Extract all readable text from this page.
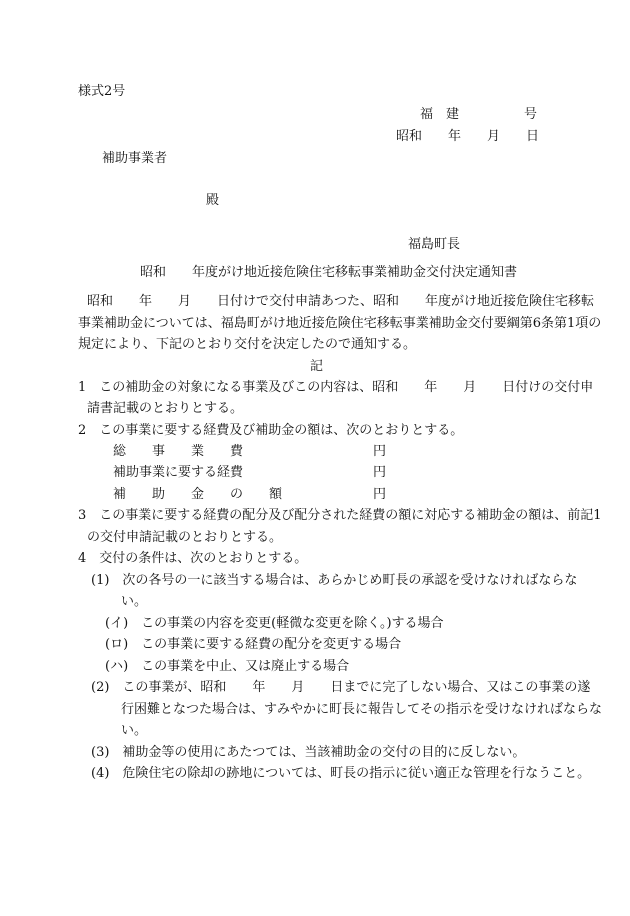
様式2号

福　建　　　　　号

昭和　　年　　月　　日

補助事業者

殿

福島町長

昭和　　年度がけ地近接危険住宅移転事業補助金交付決定通知書

昭和　　年　　月　　日付けで交付申請あつた、昭和　　年度がけ地近接危険住宅移転

事業補助金については、福島町がけ地近接危険住宅移転事業補助金交付要綱第6条第1項の

規定により、下記のとおり交付を決定したので通知する。

記

1　この補助金の対象になる事業及びこの内容は、昭和　　年　　月　　日付けの交付申

請書記載のとおりとする。

2　この事業に要する経費及び補助金の額は、次のとおりとする。

総　　事　　業　　費	円

補助事業に要する経費	円

補　　助　　金　　の　　額	円

3　この事業に要する経費の配分及び配分された経費の額に対応する補助金の額は、前記1

の交付申請記載のとおりとする。

4　交付の条件は、次のとおりとする。

(1)　次の各号の一に該当する場合は、あらかじめ町長の承認を受けなければならな

い。

(イ)　この事業の内容を変更(軽微な変更を除く。)する場合

(ロ)　この事業に要する経費の配分を変更する場合

(ハ)　この事業を中止、又は廃止する場合

(2)　この事業が、昭和　　年　　月　　日までに完了しない場合、又はこの事業の遂

行困難となつた場合は、すみやかに町長に報告してその指示を受けなければならな

い。

(3)　補助金等の使用にあたつては、当該補助金の交付の目的に反しない。

(4)　危険住宅の除却の跡地については、町長の指示に従い適正な管理を行なうこと。
